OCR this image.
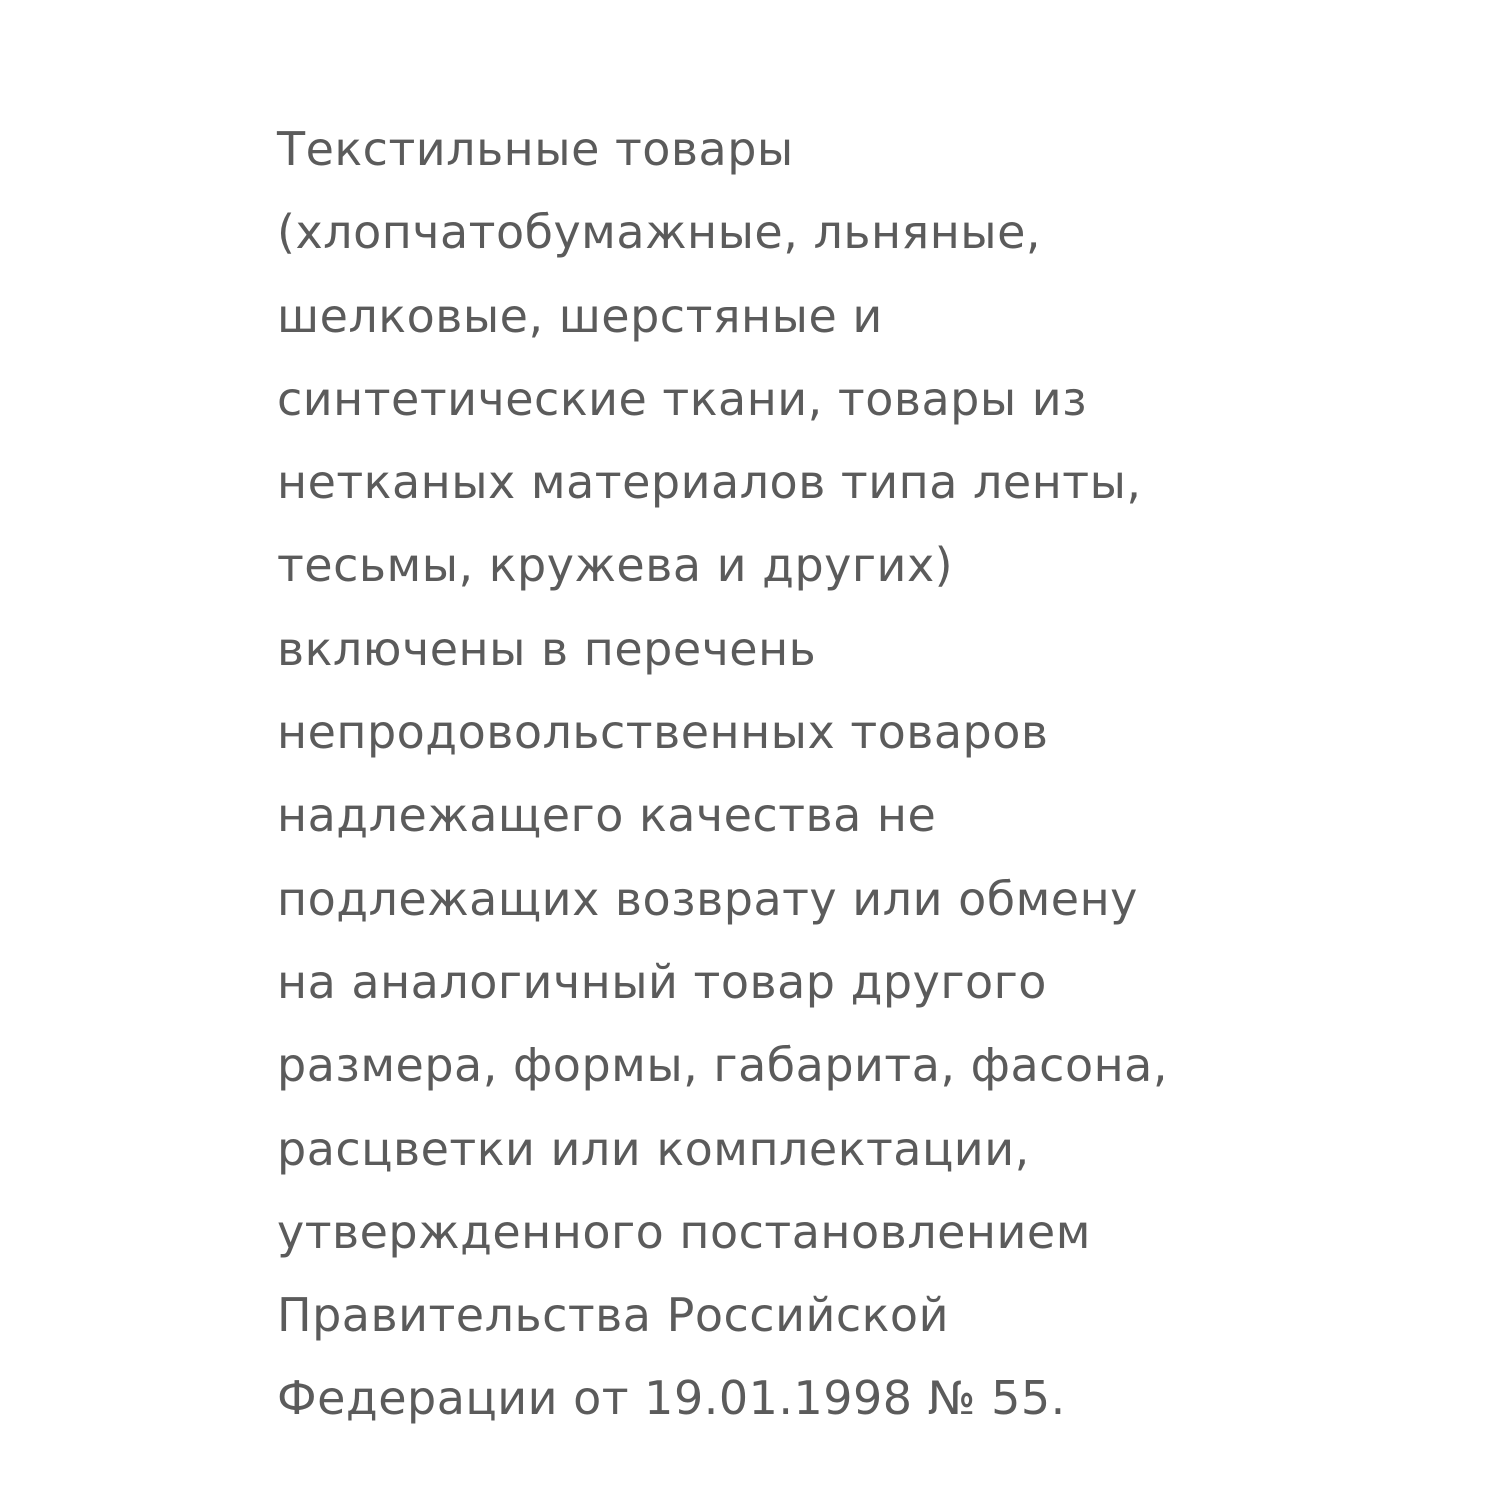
Текстильные товары
(хлопчатобумажные, льняные,
шелковые, шерстяные и
синтетические ткани, товары из
нетканых материалов типа ленты,
тесьмы, кружева и других)
включены в перечень
непродовольственных товаров
надлежащего качества не
подлежащих возврату или обмену
на аналогичный товар другого
размера, формы, габарита, фасона,
расцветки или комплектации,
утвержденного постановлением
Правительства Российской
Федерации от 19.01.1998 № 55.
